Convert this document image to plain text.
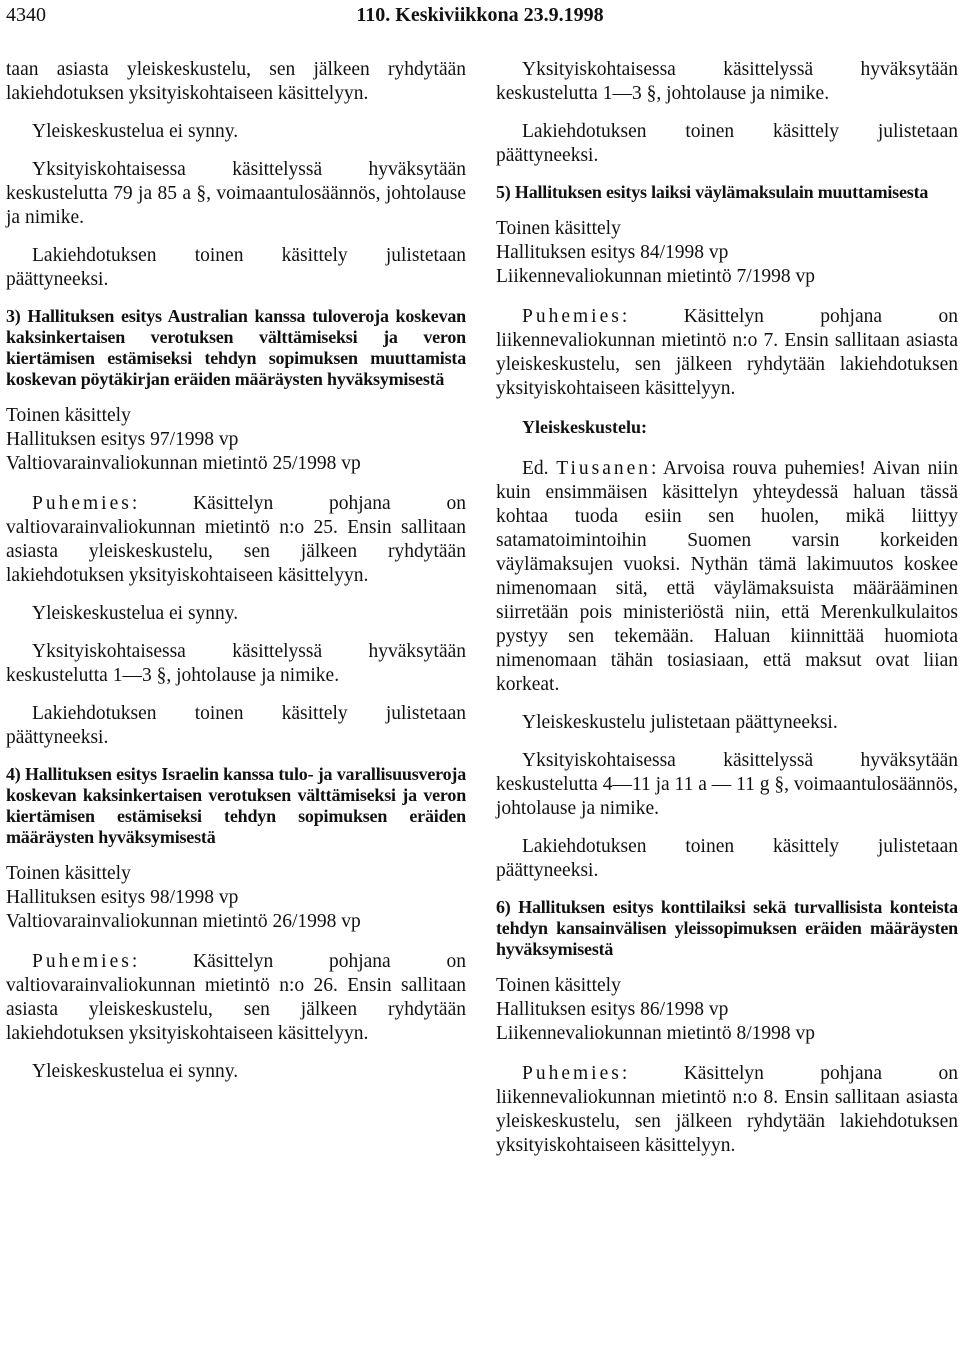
4340	110. Keskiviikkona 23.9.1998

taan asiasta yleiskeskustelu, sen jälkeen ryhdytään lakiehdotuksen yksityiskohtaiseen käsittelyyn.

Yleiskeskustelua ei synny.

Yksityiskohtaisessa käsittelyssä hyväksytään keskustelutta 79 ja 85 a §, voimaantulosäännös, johtolause ja nimike.

Lakiehdotuksen toinen käsittely julistetaan päättyneeksi.

3) Hallituksen esitys Australian kanssa tuloveroja koskevan kaksinkertaisen verotuksen välttämiseksi ja veron kiertämisen estämiseksi tehdyn sopimuksen muuttamista koskevan pöytäkirjan eräiden määräysten hyväksymisestä
Toinen käsittely
Hallituksen esitys 97/1998 vp
Valtiovarainvaliokunnan mietintö 25/1998 vp

Puhemies: Käsittelyn pohjana on valtiovarainvaliokunnan mietintö n:o 25. Ensin sallitaan asiasta yleiskeskustelu, sen jälkeen ryhdytään lakiehdotuksen yksityiskohtaiseen käsittelyyn.

Yleiskeskustelua ei synny.

Yksityiskohtaisessa käsittelyssä hyväksytään keskustelutta 1—3 §, johtolause ja nimike.

Lakiehdotuksen toinen käsittely julistetaan päättyneeksi.

4) Hallituksen esitys Israelin kanssa tulo- ja varallisuusveroja koskevan kaksinkertaisen verotuksen välttämiseksi ja veron kiertämisen estämiseksi tehdyn sopimuksen eräiden määräysten hyväksymisestä
Toinen käsittely
Hallituksen esitys 98/1998 vp
Valtiovarainvaliokunnan mietintö 26/1998 vp

Puhemies: Käsittelyn pohjana on valtiovarainvaliokunnan mietintö n:o 26. Ensin sallitaan asiasta yleiskeskustelu, sen jälkeen ryhdytään lakiehdotuksen yksityiskohtaiseen käsittelyyn.

Yleiskeskustelua ei synny.

Yksityiskohtaisessa käsittelyssä hyväksytään keskustelutta 1—3 §, johtolause ja nimike.

Lakiehdotuksen toinen käsittely julistetaan päättyneeksi.

5) Hallituksen esitys laiksi väylämaksulain muuttamisesta
Toinen käsittely
Hallituksen esitys 84/1998 vp
Liikennevaliokunnan mietintö 7/1998 vp

Puhemies: Käsittelyn pohjana on liikennevaliokunnan mietintö n:o 7. Ensin sallitaan asiasta yleiskeskustelu, sen jälkeen ryhdytään lakiehdotuksen yksityiskohtaiseen käsittelyyn.

Yleiskeskustelu:

Ed. Tiusanen: Arvoisa rouva puhemies! Aivan niin kuin ensimmäisen käsittelyn yhteydessä haluan tässä kohtaa tuoda esiin sen huolen, mikä liittyy satamatoimintoihin Suomen varsin korkeiden väylämaksujen vuoksi. Nythän tämä lakimuutos koskee nimenomaan sitä, että väylämaksuista määrääminen siirretään pois ministeriöstä niin, että Merenkulkulaitos pystyy sen tekemään. Haluan kiinnittää huomiota nimenomaan tähän tosiasiaan, että maksut ovat liian korkeat.

Yleiskeskustelu julistetaan päättyneeksi.

Yksityiskohtaisessa käsittelyssä hyväksytään keskustelutta 4—11 ja 11 a — 11 g §, voimaantulosäännös, johtolause ja nimike.

Lakiehdotuksen toinen käsittely julistetaan päättyneeksi.

6) Hallituksen esitys konttilaiksi sekä turvallisista konteista tehdyn kansainvälisen yleissopimuksen eräiden määräysten hyväksymisestä
Toinen käsittely
Hallituksen esitys 86/1998 vp
Liikennevaliokunnan mietintö 8/1998 vp

Puhemies: Käsittelyn pohjana on liikennevaliokunnan mietintö n:o 8. Ensin sallitaan asiasta yleiskeskustelu, sen jälkeen ryhdytään lakiehdotuksen yksityiskohtaiseen käsittelyyn.
